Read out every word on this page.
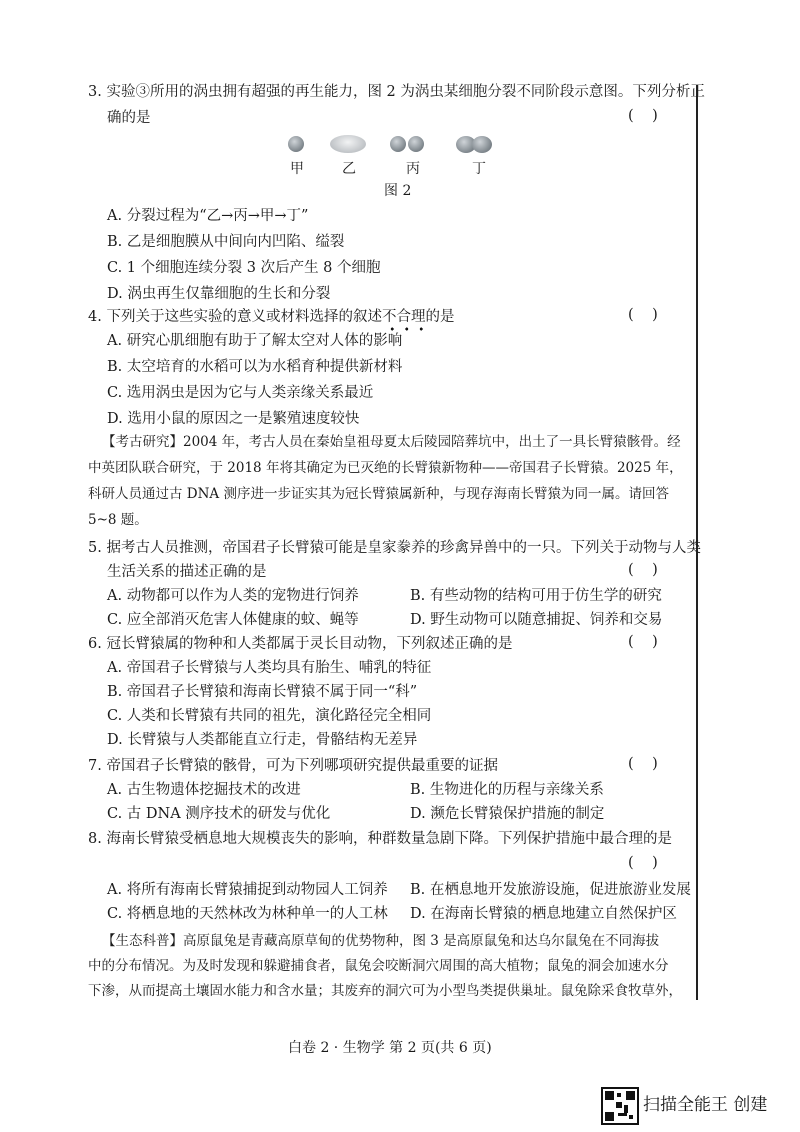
3. 实验③所用的涡虫拥有超强的再生能力，图 2 为涡虫某细胞分裂不同阶段示意图。下列分析正
确的是	(    )
甲	乙	丙	丁
图 2
A. 分裂过程为“乙→丙→甲→丁”
B. 乙是细胞膜从中间向内凹陷、缢裂
C. 1 个细胞连续分裂 3 次后产生 8 个细胞
D. 涡虫再生仅靠细胞的生长和分裂
4. 下列关于这些实验的意义或材料选择的叙述不合理的是	(    )
A. 研究心肌细胞有助于了解太空对人体的影响
B. 太空培育的水稻可以为水稻育种提供新材料
C. 选用涡虫是因为它与人类亲缘关系最近
D. 选用小鼠的原因之一是繁殖速度较快
【考古研究】2004 年，考古人员在秦始皇祖母夏太后陵园陪葬坑中，出土了一具长臂猿骸骨。经
中英团队联合研究，于 2018 年将其确定为已灭绝的长臂猿新物种——帝国君子长臂猿。2025 年，
科研人员通过古 DNA 测序进一步证实其为冠长臂猿属新种，与现存海南长臂猿为同一属。请回答
5~8 题。
5. 据考古人员推测，帝国君子长臂猿可能是皇家豢养的珍禽异兽中的一只。下列关于动物与人类
生活关系的描述正确的是	(    )
A. 动物都可以作为人类的宠物进行饲养	B. 有些动物的结构可用于仿生学的研究
C. 应全部消灭危害人体健康的蚊、蝇等	D. 野生动物可以随意捕捉、饲养和交易
6. 冠长臂猿属的物种和人类都属于灵长目动物，下列叙述正确的是	(    )
A. 帝国君子长臂猿与人类均具有胎生、哺乳的特征
B. 帝国君子长臂猿和海南长臂猿不属于同一“科”
C. 人类和长臂猿有共同的祖先，演化路径完全相同
D. 长臂猿与人类都能直立行走，骨骼结构无差异
7. 帝国君子长臂猿的骸骨，可为下列哪项研究提供最重要的证据	(    )
A. 古生物遗体挖掘技术的改进	B. 生物进化的历程与亲缘关系
C. 古 DNA 测序技术的研发与优化	D. 濒危长臂猿保护措施的制定
8. 海南长臂猿受栖息地大规模丧失的影响，种群数量急剧下降。下列保护措施中最合理的是
(    )
A. 将所有海南长臂猿捕捉到动物园人工饲养 B. 在栖息地开发旅游设施，促进旅游业发展
C. 将栖息地的天然林改为林种单一的人工林 D. 在海南长臂猿的栖息地建立自然保护区
【生态科普】高原鼠兔是青藏高原草甸的优势物种，图 3 是高原鼠兔和达乌尔鼠兔在不同海拔
中的分布情况。为及时发现和躲避捕食者，鼠兔会咬断洞穴周围的高大植物；鼠兔的洞会加速水分
下渗，从而提高土壤固水能力和含水量；其废弃的洞穴可为小型鸟类提供巢址。鼠兔除采食牧草外，
白卷 2 · 生物学 第 2 页(共 6 页)
扫描全能王 创建
